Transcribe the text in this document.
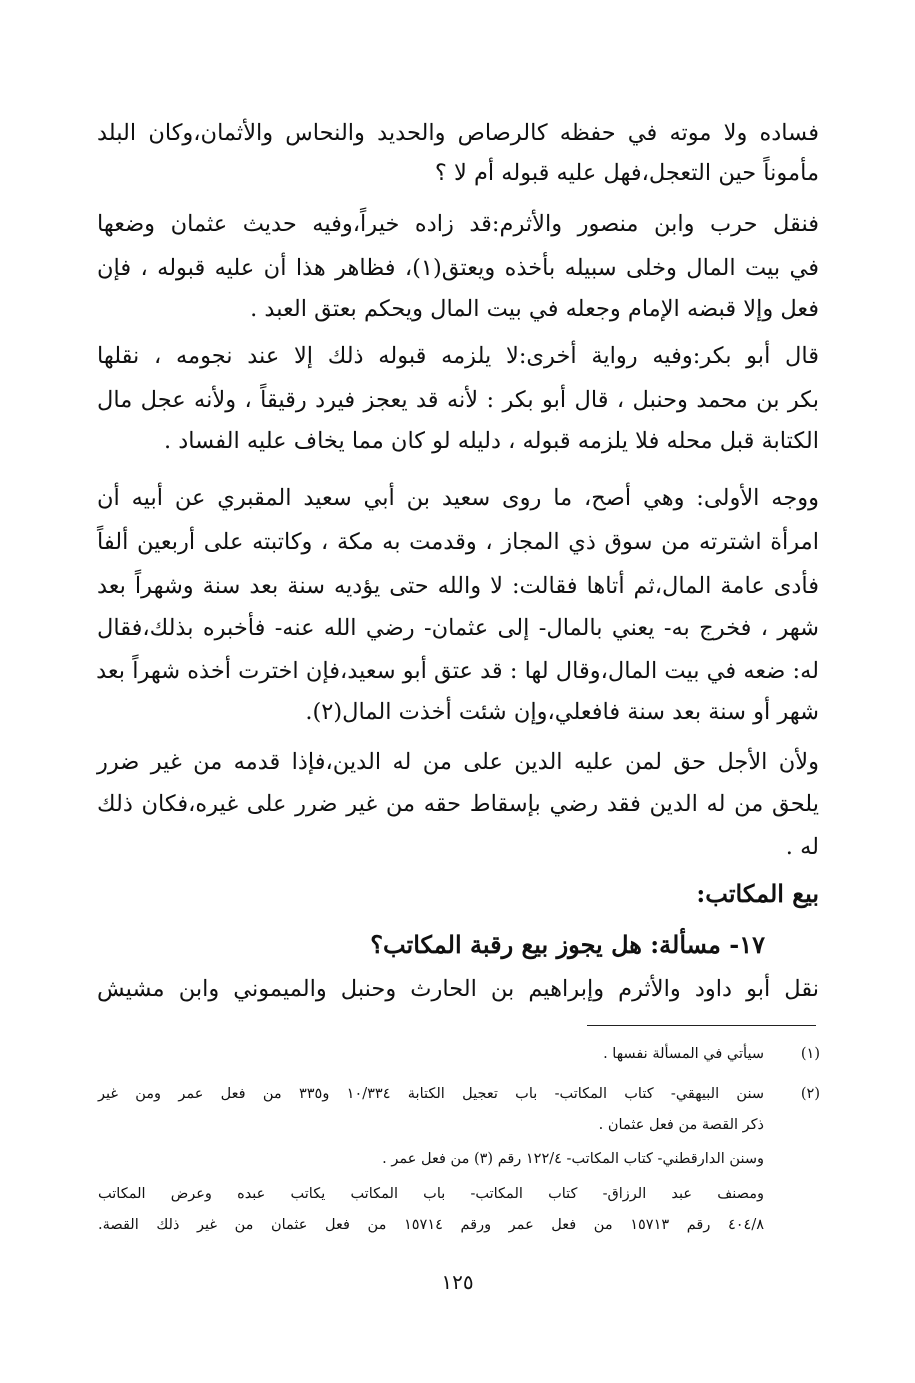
فساده ولا موته في حفظه كالرصاص والحديد والنحاس والأثمان،وكان البلد
مأموناً حين التعجل،فهل عليه قبوله أم لا ؟
فنقل حرب وابن منصور والأثرم:قد زاده خيراً،وفيه حديث عثمان وضعها
في بيت المال وخلى سبيله بأخذه ويعتق(١)، فظاهر هذا أن عليه قبوله ، فإن
فعل وإلا قبضه الإمام وجعله في بيت المال ويحكم بعتق العبد .
قال أبو بكر:وفيه رواية أخرى:لا يلزمه قبوله ذلك إلا عند نجومه ، نقلها
بكر بن محمد وحنبل ، قال أبو بكر : لأنه قد يعجز فيرد رقيقاً ، ولأنه عجل مال
الكتابة قبل محله فلا يلزمه قبوله ، دليله لو كان مما يخاف عليه الفساد .
ووجه الأولى: وهي أصح، ما روى سعيد بن أبي سعيد المقبري عن أبيه أن
امرأة اشترته من سوق ذي المجاز ، وقدمت به مكة ، وكاتبته على أربعين ألفاً
فأدى عامة المال،ثم أتاها فقالت: لا والله حتى يؤديه سنة بعد سنة وشهراً بعد
شهر ، فخرج به- يعني بالمال- إلى عثمان- رضي الله عنه- فأخبره بذلك،فقال
له: ضعه في بيت المال،وقال لها : قد عتق أبو سعيد،فإن اخترت أخذه شهراً بعد
شهر أو سنة بعد سنة فافعلي،وإن شئت أخذت المال(٢).
ولأن الأجل حق لمن عليه الدين على من له الدين،فإذا قدمه من غير ضرر
يلحق من له الدين فقد رضي بإسقاط حقه من غير ضرر على غيره،فكان ذلك
له .
بيع المكاتب:
١٧- مسألة: هل يجوز بيع رقبة المكاتب؟
نقل أبو داود والأثرم وإبراهيم بن الحارث وحنبل والميموني وابن مشيش
(١)
سيأتي في المسألة نفسها .
(٢)
سنن البيهقي- كتاب المكاتب- باب تعجيل الكتابة ١٠/٣٣٤ و٣٣٥ من فعل عمر ومن غير
ذكر القصة من فعل عثمان .
وسنن الدارقطني- كتاب المكاتب- ١٢٢/٤ رقم (٣) من فعل عمر .
ومصنف عبد الرزاق- كتاب المكاتب- باب المكاتب يكاتب عبده وعرض المكاتب
٤٠٤/٨ رقم ١٥٧١٣ من فعل عمر ورقم ١٥٧١٤ من فعل عثمان من غير ذلك القصة.
١٢٥
